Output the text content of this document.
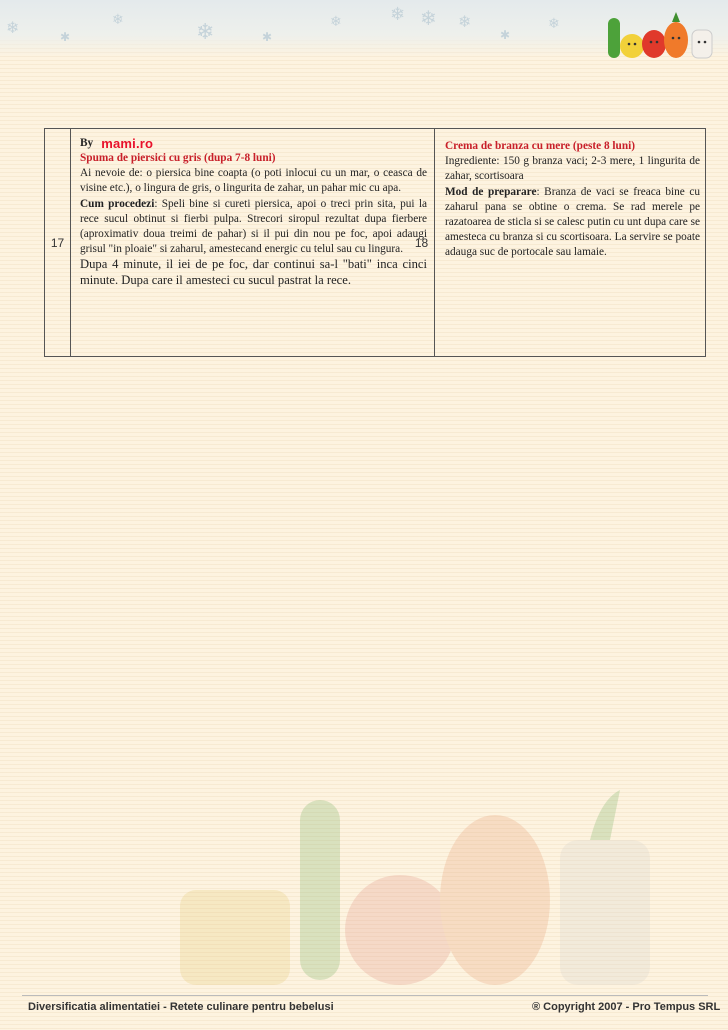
❄	✱
❄	❄	✱
❄	❄ ❄ ❄
✱
❄
17
By mami.ro
Spuma de piersici cu gris (dupa 7-8 luni)
Ai nevoie de: o piersica bine coapta (o poti inlocui cu un mar, o ceasca de visine etc.), o lingura de gris, o lingurita de zahar, un pahar mic cu apa.
Cum procedezi: Speli bine si cureti piersica, apoi o treci prin sita, pui la rece sucul obtinut si fierbi pulpa. Strecori siropul rezultat dupa fierbere (aproximativ doua treimi de pahar) si il pui din nou pe foc, apoi adaugi grisul "in ploaie" si zaharul, amestecand energic cu telul sau cu lingura.
Dupa 4 minute, il iei de pe foc, dar continui sa-l "bati" inca cinci minute. Dupa care il amesteci cu sucul pastrat la rece.
18
Crema de branza cu mere (peste 8 luni)
Ingrediente: 150 g branza vaci; 2-3 mere, 1 lingurita de zahar, scortisoara
Mod de preparare: Branza de vaci se freaca bine cu zaharul pana se obtine o crema. Se rad merele pe razatoarea de sticla si se calesc putin cu unt dupa care se amesteca cu branza si cu scortisoara. La servire se poate adauga suc de portocale sau lamaie.
Diversificatia alimentatiei - Retete culinare pentru bebelusi	® Copyright 2007 - Pro Tempus SRL
